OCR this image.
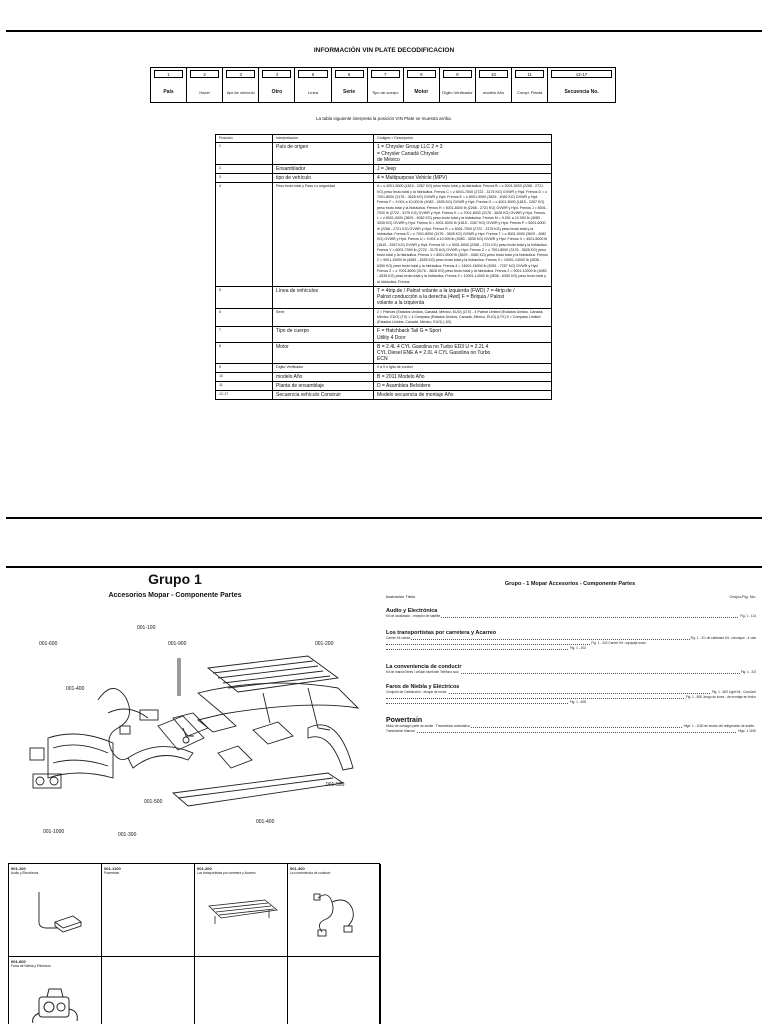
INFORMACIÓN VIN PLATE DECODIFICACION
1
País
2
Hacer
3
tipo de vehículo
4
Otro
5
Línea
6
Serie
7
Tipo de cuerpo
8
Motor
9
Dígito Verificador
10
modelo Año
11
Compl. Planta
12-17
Secuencia No.
La tabla siguiente interpreta la posición VIN Plate se muestra arriba.
Posición	Interpretación	Códigos = Descripción
1	País de origen	1 = Chrysler Group LLC 2 = 3
= Chrysler Canadá Chrysler
de México
2	Ensamblador	J = Jeep
3	tipo de vehículo	4 = Multipurpose Vehicle (MPV)
4	Peso bruto total y Paso Lo seguridad	A = ≤ 4001-5000 (1815 - 2267 KG) peso bruto total y la hidráulica. Frenos B = ≥ 5001-5000 (2268 - 2721 KG) peso bruto total y la hidráulica. Frenos C = ≥ 6001-7000 (2722 - 3175 KG) GVWR y Hyd. Frenos D = ≥ 7001-8000 (3176 - 3628 KG) GVWR y Hyd. Frenos E = ≥ 8001-9000 (3629 - 4082 KG) GVWR y Hyd. Frenos F = 9.001 a 10.000 lb (4083 - 4535 KG) GVWR y Hyd. Frenos G = ≤ 4001-5000 (1815 - 2267 KG) peso bruto total y la hidráulica. Frenos H = 5001-6000 lb (2268 - 2721 KG) GVWR y Hyd. Frenos J = 6001-7000 lb (2722 - 3175 KG) GVWR y Hyd. Frenos K = ≥ 7001-8000 (3176 - 3628 KG) GVWR y Hyd. Frenos L = ≥ 8001-9000 (3629 - 4082 KG) peso bruto total y la hidráulica. Frenos M = 9.001 a 10.000 lb (4083 - 4535 KG) GVWR y Hyd. Frenos N = 4001-5000 lb (1815 - 2267 KG) GVWR y Hyd. Frenos P = 5001-6000 lb (2268 - 2721 KG) GVWR y Hyd. Frenos R = ≥ 6001-7000 (2722 - 3175 KG) peso bruto total y la hidráulica. Frenos S = ≥ 7001-8000 (3176 - 3628 KG) GVWR y Hyd. Frenos T = ≥ 8001-9000 (3629 - 4082 KG) GVWR y Hyd. Frenos U = 9.001 a 10.000 lb (4083 - 4535 KG) GVWR y Hyd. Frenos V = 4001-5000 lb (1815 - 2267 KG) GVWR y Hyd. Frenos W = ≥ 5001-6000 (2268 - 2721 KG) peso bruto total y la hidráulica. Frenos Y = 6001-7000 lb (2722 - 3175 KG) GVWR y Hyd. Frenos Z = ≥ 7001-8000 (3176 - 3628 KG) peso bruto total y la hidráulica. Frenos 1 = 8001-9000 lb (3629 - 4082 KG) peso bruto total y la hidráulica. Frenos 2 = 9001-10000 lb (4083 - 4535 KG) peso bruto total y la hidráulica. Frenos 3 = 10001-14000 lb (4536 - 6350 KG) peso bruto total y la hidráulica. Frenos 4 = 14001-16000 lb (6351 - 7257 KG) GVWR y Hyd. Frenos Z = ≥ 7001-8000 (3176 - 3628 KG) peso bruto total y la hidráulica. Frenos 2 = 9001-10000 lb (4083 - 4535 KG) peso bruto total y la hidráulica. Frenos 3 = 10001-14000 lb (4536 - 6350 KG) peso bruto total y la hidráulica. Frenos
5	Línea de vehículos	T = 4trip.de / Palnst volante a la izquierda (FWD) 7 = 4trip.de /
Palnst conducción a la derecha (4wd) F = Briquia / Palnst
volante a la izquierda
6	Serie	2 = Patriots (Estados Unidos, Canadá, México, EUO) (LTX) - 4 Patriot Limited (Estados Unidos, Canadá, México, EUO) (TX) = 4 Compass (Estados Unidos, Canadá, México, EUO) (LTX) 5 = Compass Limited (Estados Unidos, Canadá, México, EUO) (-6X)
7	Tipo de cuerpo	F = Hatchback Tail G = Sport
Utility 4 Door
8	Motor	B = 2.4L 4 CYL Gasolina no Turbo ED3 U = 2.2L 4
CYL Diesel ENE A = 2.0L 4 CYL Gasolina no Turbo
ECN
9	Dígito Verificador	0 a 9 ó Ígito de control
10	modelo Año	B = 2011 Modelo Año
11	Planta de ensamblaje	D = Asamblea Belvidere
12-17	Secuencia vehículo Construir	Modelo secuencia de montaje Año
Grupo 1
Accesorios Mopar - Componente Partes
001-100
001-600	001-900	001-200
001-400
001-500
001-500
001-1000	001-300
001-400
Grupo - 1 Mopar Accesorios - Componente Partes
Ilustración Título	Grupo-Fig. No.
Audio y Electrónica
Kit de localizador - receptor de satélite	Fig. 1 - 114
Los transportistas por carretera y Acarreo
Carrier Kit carrea	Fig. 1 - 2/1 de cableado Kit - remolque - 4 vias
Fig. 1 - 342 Carrier Kit - equipaje sucio
Fig. 1 - 202
La conveniencia de conducir
Kit de manos libres / celular bluetooth Teléfono soul	Fig. 1 - 2/3
Faros de Niebla y Eléctricos
Conjunto de Calefacción - bloque de motor	Fig. 1 - 602 Light Kit - Conducir
Fig. 1 - 608 Juego de luces - de montaje en techo
Fig. 1 - 608
Powertrain
Motor de carriage-parte de aceite - Transmisión automática	Hige. 1 - 1150 de tmotor del refrigerador de aceite -
Transmisión Manual	Hige. 1 1150
001-100
Audio y Electrónica
001-1100
Powertrain
001-200
Los transportistas por carretera y Acarreo
001-300
La conveniencia de conducir
001-600
Faros de Niebla y Eléctricos
